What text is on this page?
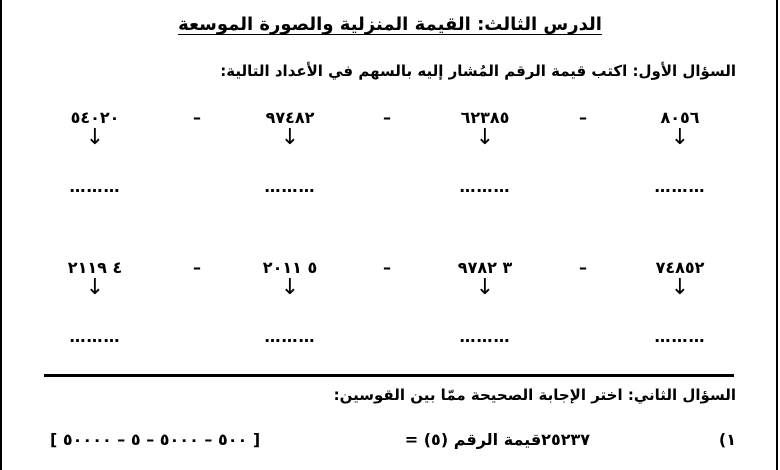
الدرس الثالث: القيمة المنزلية والصورة الموسعة
السؤال الأول: اكتب قيمة الرقم المُشار إليه بالسهم في الأعداد التالية:
٨٠٥٦
↓
………
–
٦٢٣٨٥
↓
………
–
٩٧٤٨٢
↓
………
–
٥٤٠٢٠
↓
………
٧٤٨٥٢
↓
………
–
٣ ٩٧٨٢
↓
………
–
٥ ٢٠١١
↓
………
–
٤ ٢١١٩
↓
………
السؤال الثاني: اختر الإجابة الصحيحة ممّا بين القوسين:
١)
٢٥٢٣٧قيمة الرقم (٥) =
[ ٥٠٠ – ٥٠٠٠ – ٥ – ٥٠٠٠٠ ]
